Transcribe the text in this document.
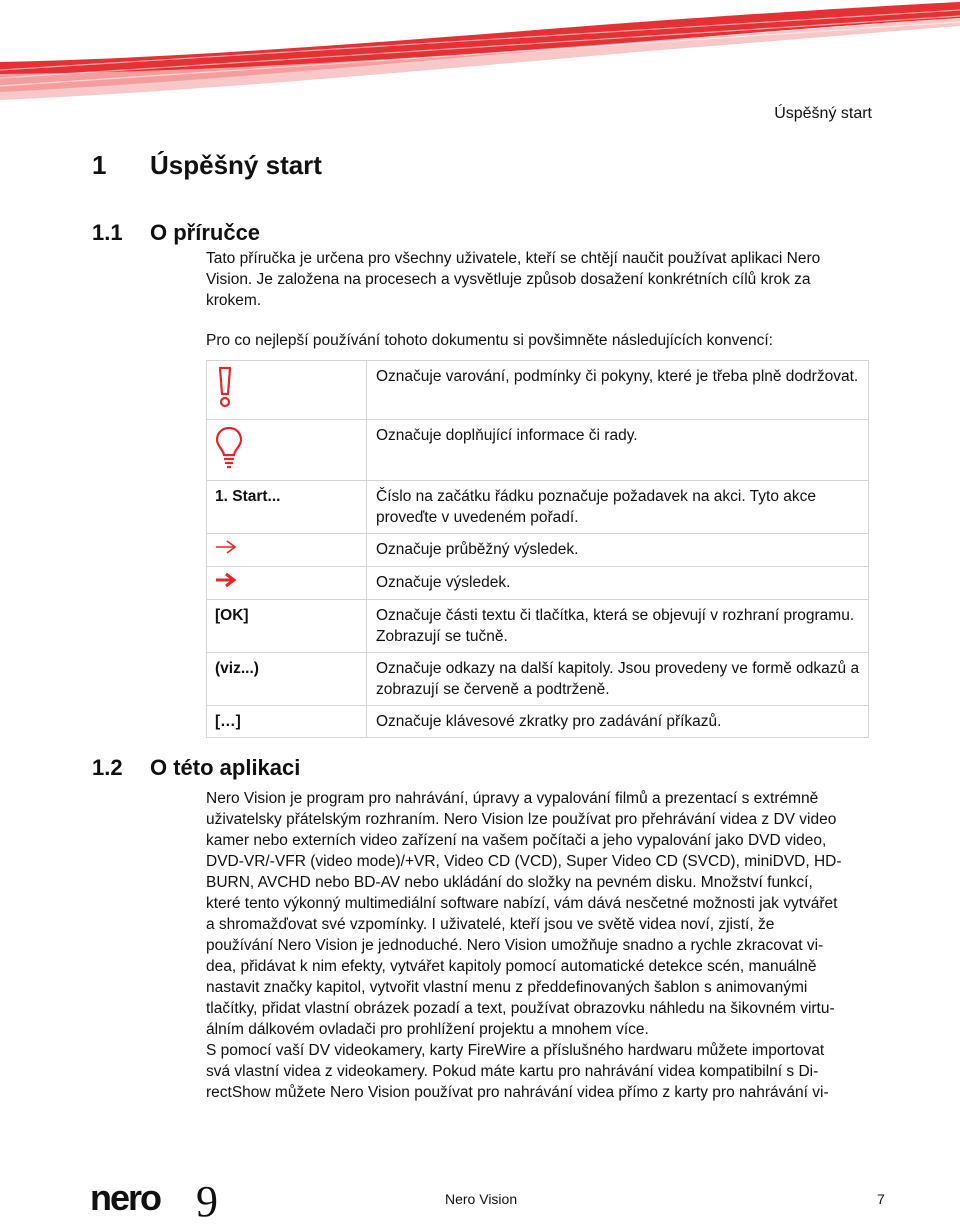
Úspěšný start
1 Úspěšný start
1.1 O příručce
Tato příručka je určena pro všechny uživatele, kteří se chtějí naučit používat aplikaci Nero Vision. Je založena na procesech a vysvětluje způsob dosažení konkrétních cílů krok za krokem.
Pro co nejlepší používání tohoto dokumentu si povšimněte následujících konvencí:
	Označuje varování, podmínky či pokyny, které je třeba plně dodržovat.
	Označuje doplňující informace či rady.
1. Start...	Číslo na začátku řádku poznačuje požadavek na akci. Tyto akce proveďte v uvedeném pořadí.
	Označuje průběžný výsledek.
	Označuje výsledek.
[OK]	Označuje části textu či tlačítka, která se objevují v rozhraní programu. Zobrazují se tučně.
(viz...)	Označuje odkazy na další kapitoly. Jsou provedeny ve formě odkazů a zobrazují se červeně a podtrženě.
[…]	Označuje klávesové zkratky pro zadávání příkazů.
1.2 O této aplikaci
Nero Vision je program pro nahrávání, úpravy a vypalování filmů a prezentací s extrémně
uživatelsky přátelským rozhraním. Nero Vision lze používat pro přehrávání videa z DV video
kamer nebo externích video zařízení na vašem počítači a jeho vypalování jako DVD video,
DVD-VR/-VFR (video mode)/+VR, Video CD (VCD), Super Video CD (SVCD), miniDVD, HD-
BURN, AVCHD nebo BD-AV nebo ukládání do složky na pevném disku. Množství funkcí,
které tento výkonný multimediální software nabízí, vám dává nesčetné možnosti jak vytvářet
a shromažďovat své vzpomínky. I uživatelé, kteří jsou ve světě videa noví, zjistí, že
používání Nero Vision je jednoduché. Nero Vision umožňuje snadno a rychle zkracovat vi-
dea, přidávat k nim efekty, vytvářet kapitoly pomocí automatické detekce scén, manuálně
nastavit značky kapitol, vytvořit vlastní menu z předdefinovaných šablon s animovanými
tlačítky, přidat vlastní obrázek pozadí a text, používat obrazovku náhledu na šikovném virtu-
álním dálkovém ovladači pro prohlížení projektu a mnohem více.
S pomocí vaší DV videokamery, karty FireWire a příslušného hardwaru můžete importovat
svá vlastní videa z videokamery. Pokud máte kartu pro nahrávání videa kompatibilní s Di-
rectShow můžete Nero Vision používat pro nahrávání videa přímo z karty pro nahrávání vi-
nero 9	Nero Vision	7
